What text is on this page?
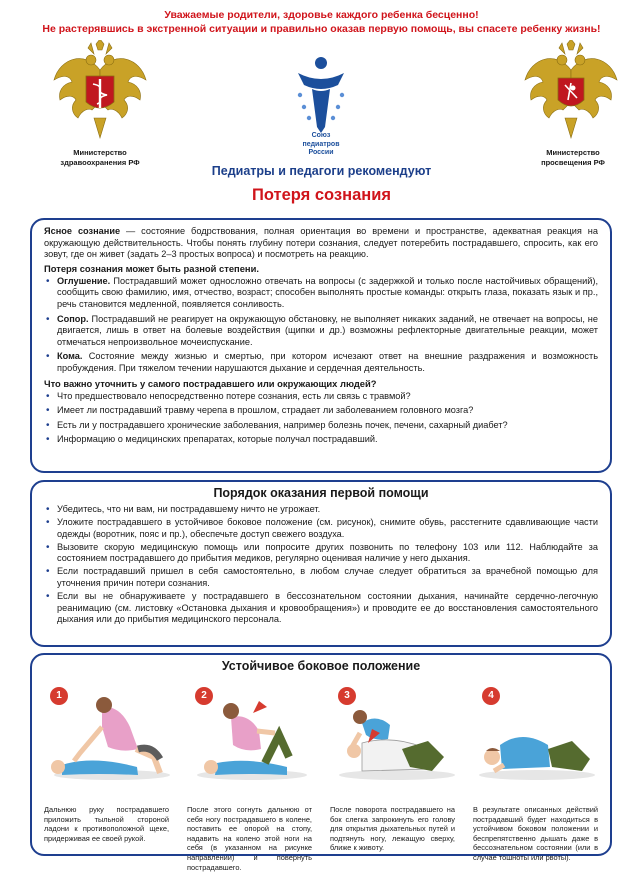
Уважаемые родители, здоровье каждого ребенка бесценно!
Не растерявшись в экстренной ситуации и правильно оказав первую помощь, вы спасете ребенку жизнь!
Министерство
здравоохранения РФ
Союз
педиатров
России	Министерство
просвещения РФ
Педиатры и педагоги рекомендуют
Потеря сознания

Ясное сознание — состояние бодрствования, полная ориентация во времени и пространстве, адекватная реакция на окружающую действительность. Чтобы понять глубину потери сознания, следует потеребить пострадавшего, спросить, как его зовут, где он живет (задать 2–3 простых вопроса) и посмотреть на реакцию.

Потеря сознания может быть разной степени.
• Оглушение. Пострадавший может односложно отвечать на вопросы (с задержкой и только после настойчивых обращений), сообщить свою фамилию, имя, отчество, возраст; способен выполнять простые команды: открыть глаза, показать язык и пр., речь становится медленной, появляется сонливость.
• Сопор. Пострадавший не реагирует на окружающую обстановку, не выполняет никаких заданий, не отвечает на вопросы, не двигается, лишь в ответ на болевые воздействия (щипки и др.) возможны рефлекторные двигательные реакции, может отмечаться непроизвольное мочеиспускание.
• Кома. Состояние между жизнью и смертью, при котором исчезают ответ на внешние раздражения и возможность пробуждения. При тяжелом течении нарушаются дыхание и сердечная деятельность.
Что важно уточнить у самого пострадавшего или окружающих людей?
• Что предшествовало непосредственно потере сознания, есть ли связь с травмой?
• Имеет ли пострадавший травму черепа в прошлом, страдает ли заболеванием головного мозга?
• Есть ли у пострадавшего хронические заболевания, например болезнь почек, печени, сахарный диабет?
• Информацию о медицинских препаратах, которые получал пострадавший.
Порядок оказания первой помощи
• Убедитесь, что ни вам, ни пострадавшему ничто не угрожает.
• Уложите пострадавшего в устойчивое боковое положение (см. рисунок), снимите обувь, расстегните сдавливающие части одежды (воротник, пояс и пр.), обеспечьте доступ свежего воздуха.
• Вызовите скорую медицинскую помощь или попросите других позвонить по телефону 103 или 112. Наблюдайте за состоянием пострадавшего до прибытия медиков, регулярно оценивая наличие у него дыхания.
• Если пострадавший пришел в себя самостоятельно, в любом случае следует обратиться за врачебной помощью для уточнения причин потери сознания.
• Если вы не обнаруживаете у пострадавшего в бессознательном состоянии дыхания, начинайте сердечно-легочную реанимацию (см. листовку «Остановка дыхания и кровообращения») и проводите ее до восстановления самостоятельного дыхания или до прибытия медицинского персонала.
Устойчивое боковое положение
1	2	3	4
Дальнюю руку пострадавшего приложить тыльной стороной ладони к противоположной щеке, придерживая ее своей рукой.
После этого согнуть дальнюю от себя ногу пострадавшего в колене, поставить ее опорой на стопу, надавить на колено этой ноги на себя (в указанном на рисунке направлении) и повернуть пострадавшего.
После поворота пострадавшего на бок слегка запрокинуть его голову для открытия дыхательных путей и подтянуть ногу, лежащую сверху, ближе к животу.
В результате описанных действий пострадавший будет находиться в устойчивом боковом положении и беспрепятственно дышать даже в бессознательном состоянии (или в случае тошноты или рвоты).
